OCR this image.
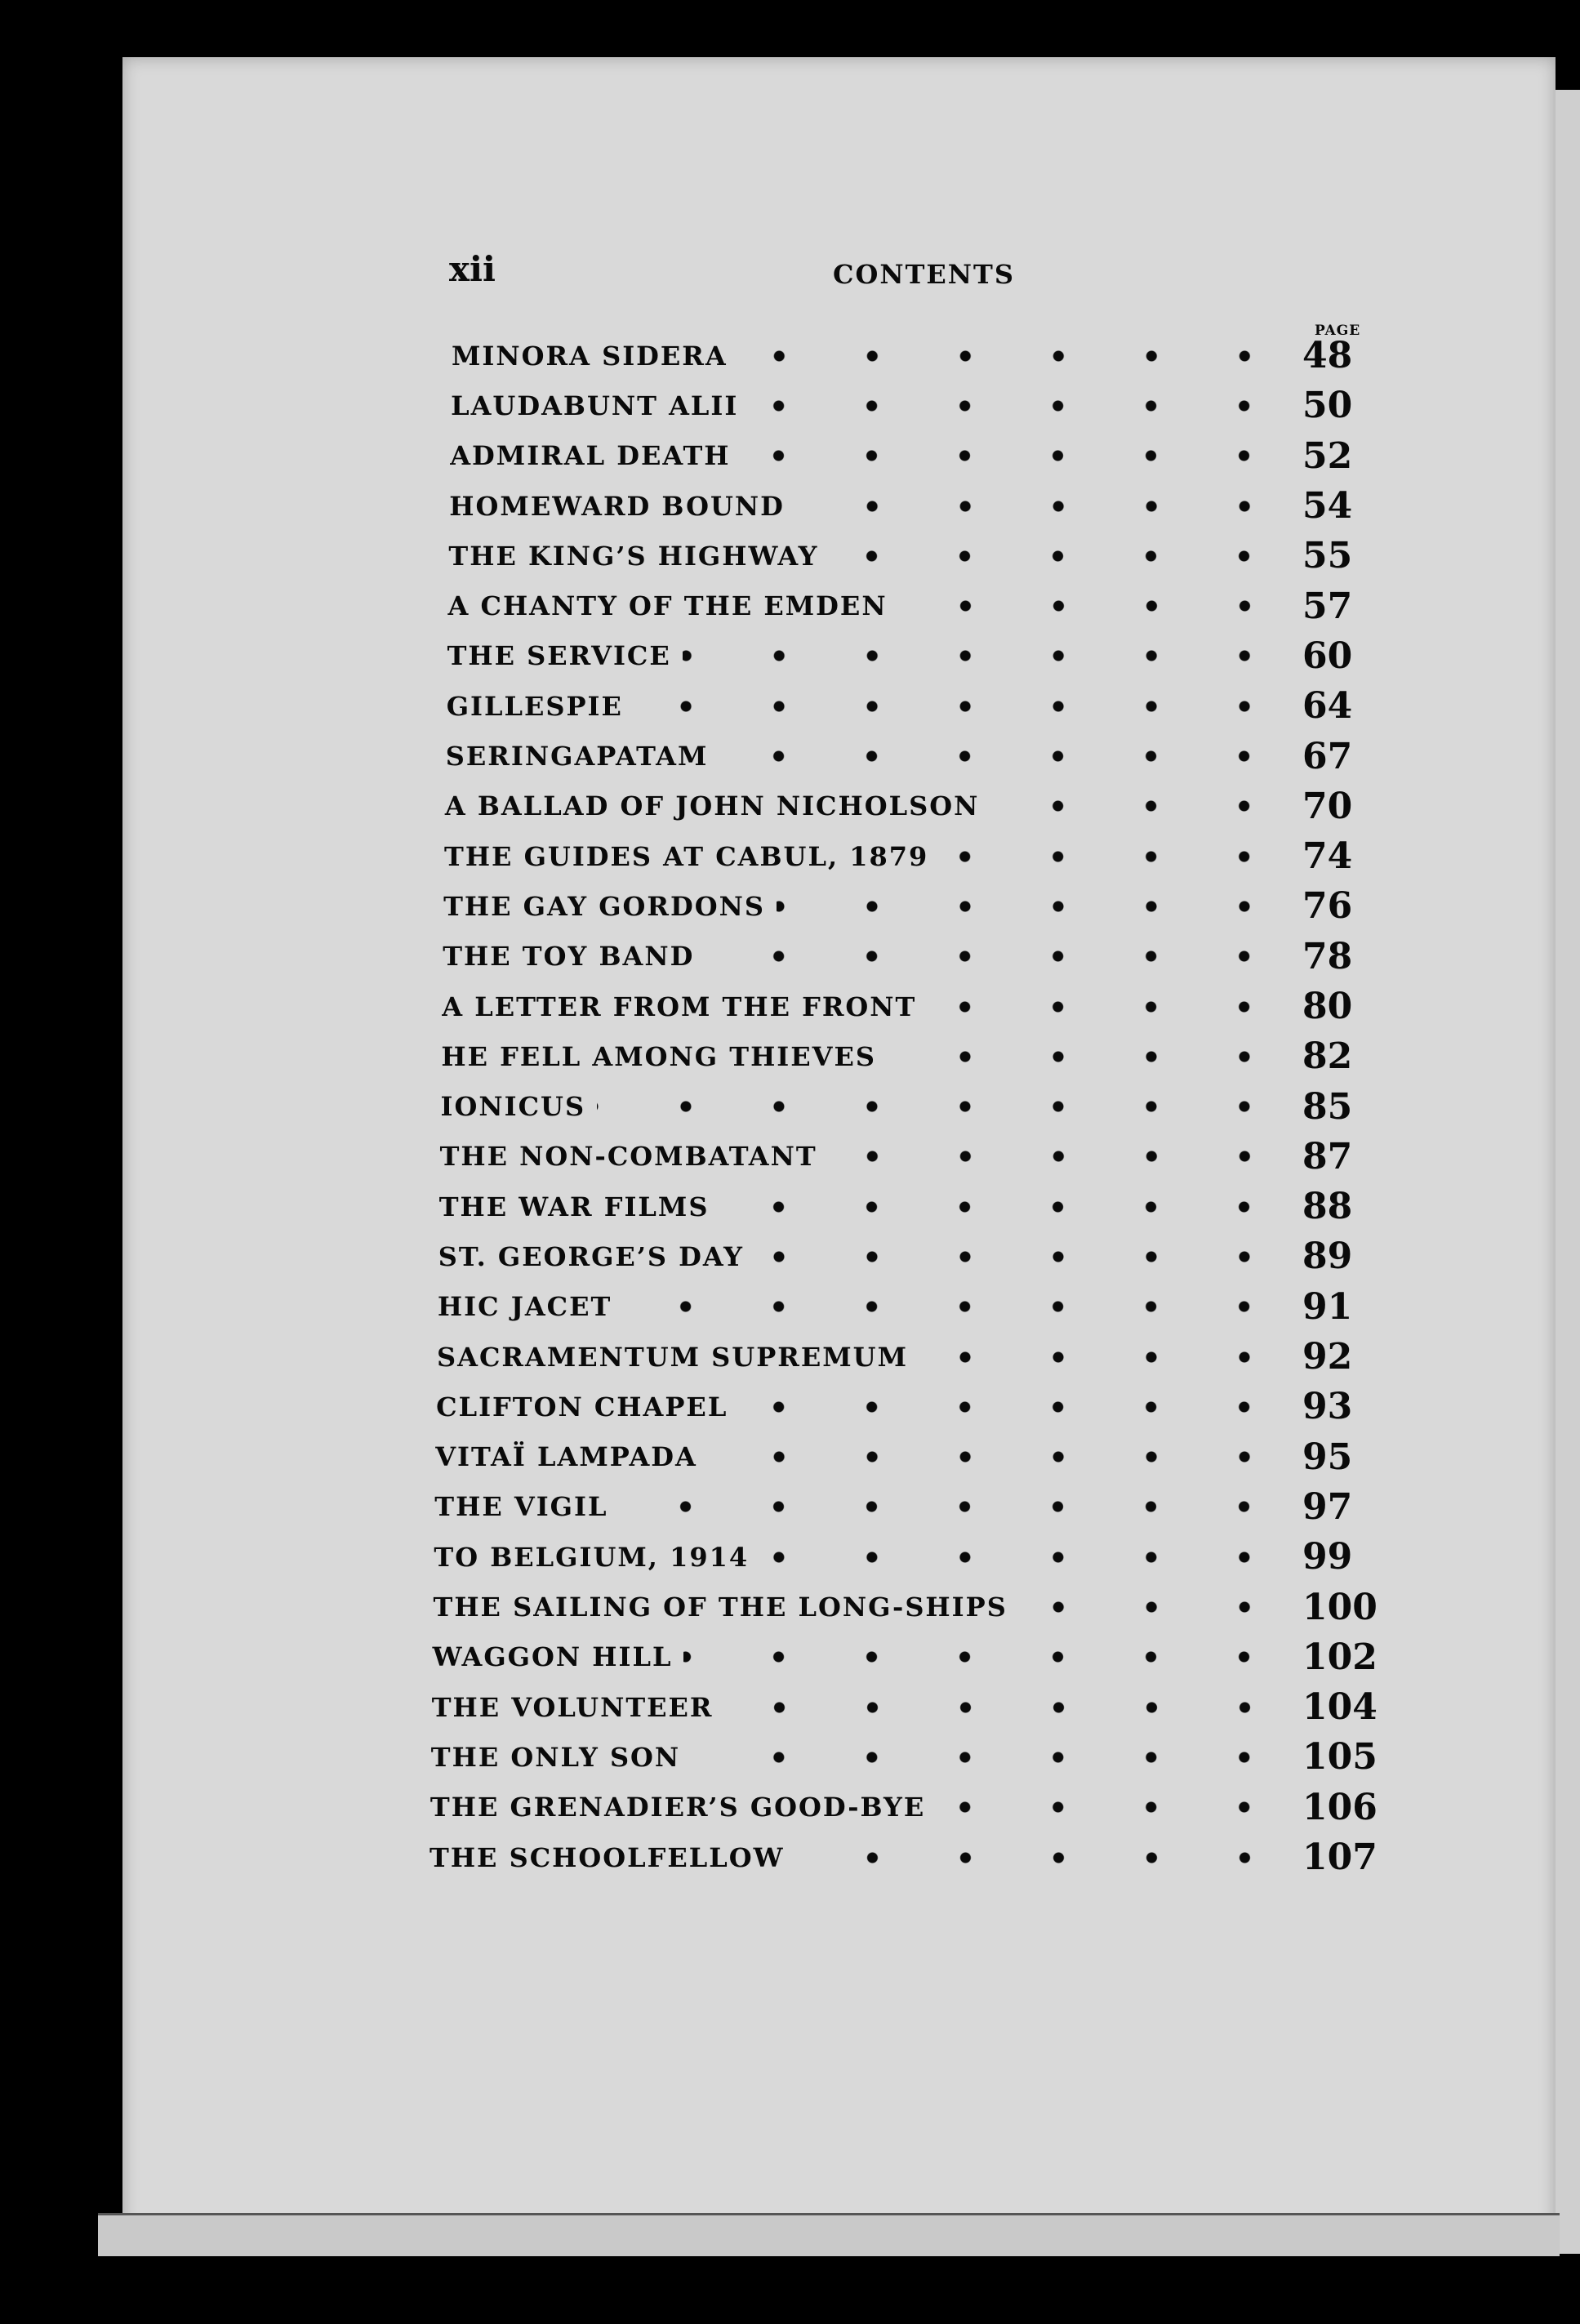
xii	CONTENTS
PAGE
MINORA SIDERA	48
LAUDABUNT ALII	50
ADMIRAL DEATH	52
HOMEWARD BOUND	54
THE KING’S HIGHWAY	55
A CHANTY OF THE EMDEN	57
THE SERVICE	60
GILLESPIE	64
SERINGAPATAM	67
A BALLAD OF JOHN NICHOLSON	70
THE GUIDES AT CABUL, 1879	74
THE GAY GORDONS	76
THE TOY BAND	78
A LETTER FROM THE FRONT	80
HE FELL AMONG THIEVES	82
IONICUS	85
THE NON-COMBATANT	87
THE WAR FILMS	88
ST. GEORGE’S DAY	89
HIC JACET	91
SACRAMENTUM SUPREMUM	92
CLIFTON CHAPEL	93
VITAÏ LAMPADA	95
THE VIGIL	97
TO BELGIUM, 1914	99
THE SAILING OF THE LONG-SHIPS	100
WAGGON HILL	102
THE VOLUNTEER	104
THE ONLY SON	105
THE GRENADIER’S GOOD-BYE	106
THE SCHOOLFELLOW	107
